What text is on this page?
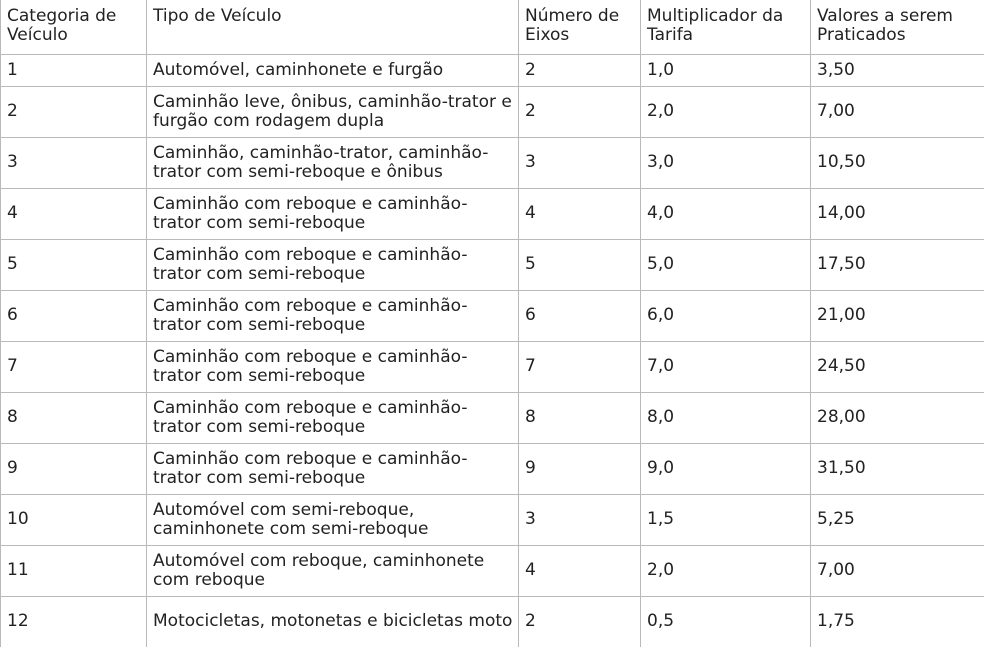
Categoria de Veículo	Tipo de Veículo	Número de Eixos	Multiplicador da Tarifa	Valores a serem Praticados
1	Automóvel, caminhonete e furgão	2	1,0	3,50
2	Caminhão leve, ônibus, caminhão-trator e furgão com rodagem dupla	2	2,0	7,00
3	Caminhão, caminhão-trator, caminhão-trator com semi-reboque e ônibus	3	3,0	10,50
4	Caminhão com reboque e caminhão-trator com semi-reboque	4	4,0	14,00
5	Caminhão com reboque e caminhão-trator com semi-reboque	5	5,0	17,50
6	Caminhão com reboque e caminhão-trator com semi-reboque	6	6,0	21,00
7	Caminhão com reboque e caminhão-trator com semi-reboque	7	7,0	24,50
8	Caminhão com reboque e caminhão-trator com semi-reboque	8	8,0	28,00
9	Caminhão com reboque e caminhão-trator com semi-reboque	9	9,0	31,50
10	Automóvel com semi-reboque, caminhonete com semi-reboque	3	1,5	5,25
11	Automóvel com reboque, caminhonete com reboque	4	2,0	7,00
12	Motocicletas, motonetas e bicicletas moto	2	0,5	1,75
